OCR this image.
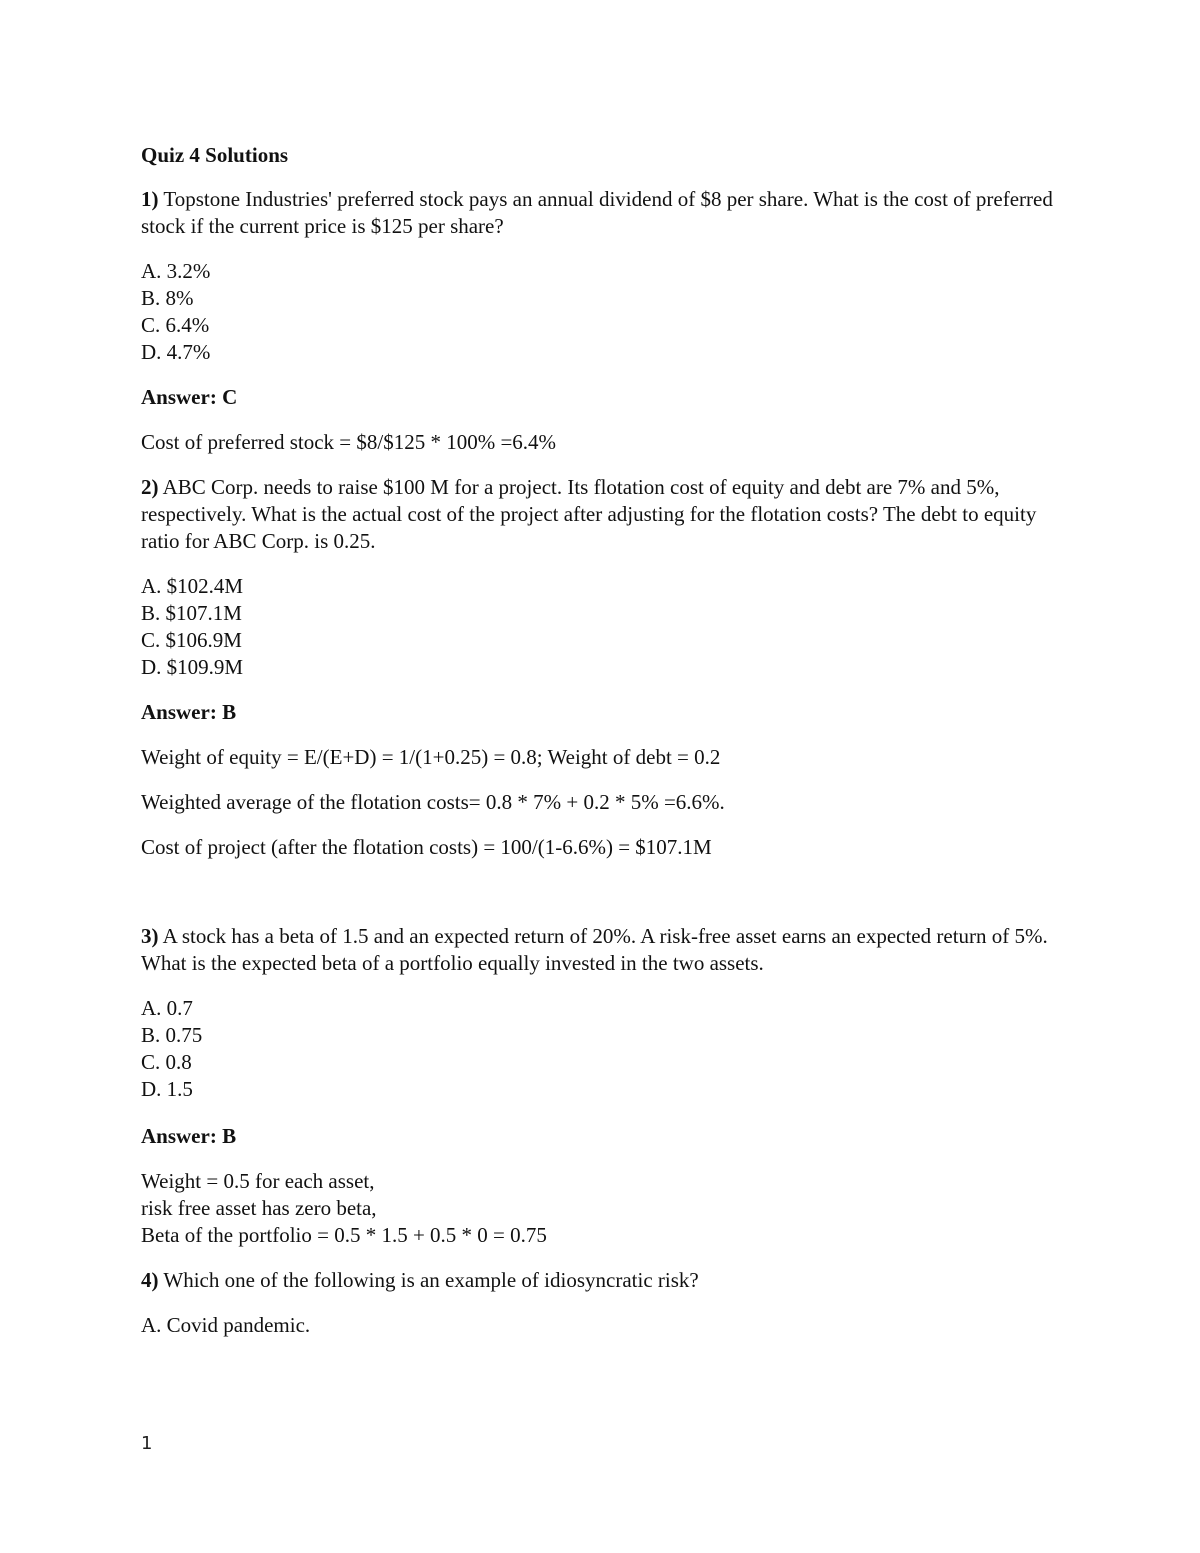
Quiz 4 Solutions
1) Topstone Industries' preferred stock pays an annual dividend of $8 per share. What is the cost of preferred stock if the current price is $125 per share?
A. 3.2%
B. 8%
C. 6.4%
D. 4.7%
Answer: C
Cost of preferred stock = $8/$125 * 100% =6.4%
2) ABC Corp. needs to raise $100 M for a project. Its flotation cost of equity and debt are 7% and 5%, respectively. What is the actual cost of the project after adjusting for the flotation costs? The debt to equity ratio for ABC Corp. is 0.25.
A. $102.4M
B. $107.1M
C. $106.9M
D. $109.9M
Answer: B
Weight of equity = E/(E+D) = 1/(1+0.25) = 0.8; Weight of debt = 0.2
Weighted average of the flotation costs= 0.8 * 7% + 0.2 * 5% =6.6%.
Cost of project (after the flotation costs) = 100/(1-6.6%) = $107.1M
3) A stock has a beta of 1.5 and an expected return of 20%. A risk-free asset earns an expected return of 5%. What is the expected beta of a portfolio equally invested in the two assets.
A. 0.7
B. 0.75
C. 0.8
D. 1.5
Answer: B
Weight = 0.5 for each asset,
risk free asset has zero beta,
Beta of the portfolio = 0.5 * 1.5 + 0.5 * 0 = 0.75
4) Which one of the following is an example of idiosyncratic risk?
A. Covid pandemic.
1
